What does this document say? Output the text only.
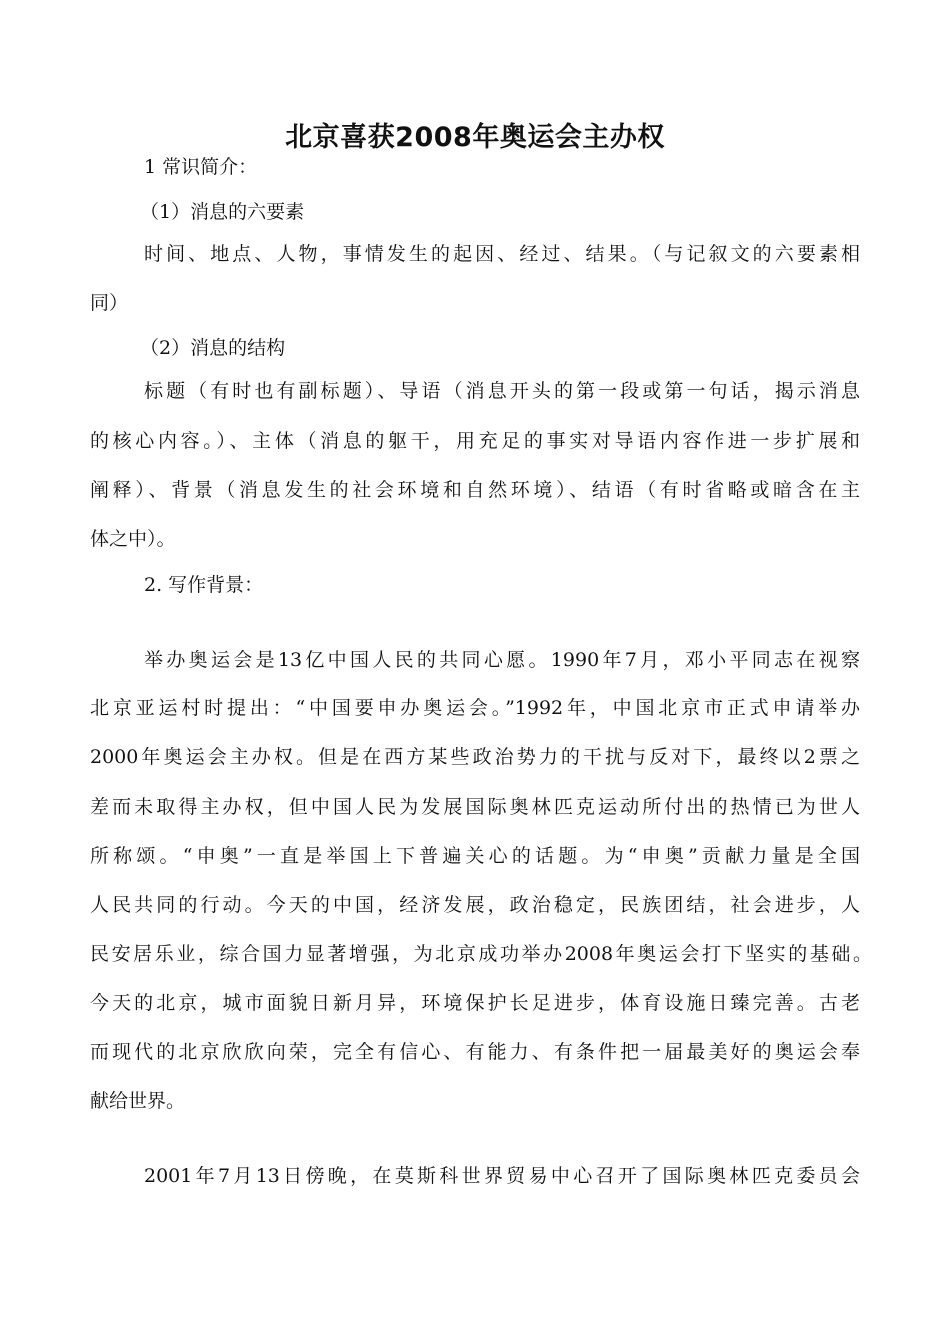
北京喜获2008年奥运会主办权

1 常识简介：

（1）消息的六要素

时间、地点、人物，事情发生的起因、经过、结果。（与记叙文的六要素相

同）

（2）消息的结构

标题（有时也有副标题）、导语（消息开头的第一段或第一句话，揭示消息

的核心内容。）、主体（消息的躯干，用充足的事实对导语内容作进一步扩展和

阐释）、背景（消息发生的社会环境和自然环境）、结语（有时省略或暗含在主

体之中）。

2. 写作背景：

举办奥运会是13亿中国人民的共同心愿。1990年7月，邓小平同志在视察

北京亚运村时提出：“中国要申办奥运会。”1992年，中国北京市正式申请举办

2000年奥运会主办权。但是在西方某些政治势力的干扰与反对下，最终以2票之

差而未取得主办权，但中国人民为发展国际奥林匹克运动所付出的热情已为世人

所称颂。“申奥”一直是举国上下普遍关心的话题。为“申奥”贡献力量是全国

人民共同的行动。今天的中国，经济发展，政治稳定，民族团结，社会进步，人

民安居乐业，综合国力显著增强，为北京成功举办2008年奥运会打下坚实的基础。

今天的北京，城市面貌日新月异，环境保护长足进步，体育设施日臻完善。古老

而现代的北京欣欣向荣，完全有信心、有能力、有条件把一届最美好的奥运会奉

献给世界。

2001年7月13日傍晚，在莫斯科世界贸易中心召开了国际奥林匹克委员会
